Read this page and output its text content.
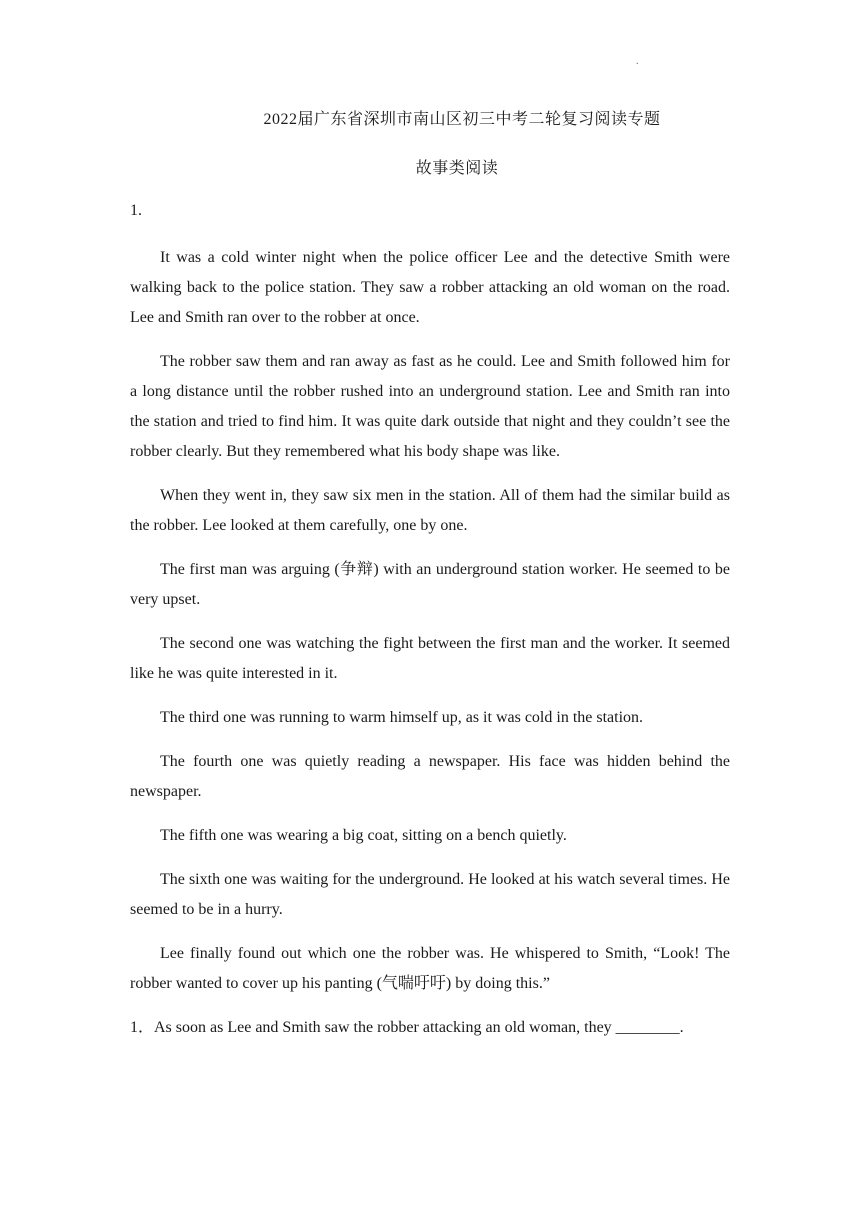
.
2022届广东省深圳市南山区初三中考二轮复习阅读专题
故事类阅读
1.

It was a cold winter night when the police officer Lee and the detective Smith were walking back to the police station. They saw a robber attacking an old woman on the road. Lee and Smith ran over to the robber at once.

The robber saw them and ran away as fast as he could. Lee and Smith followed him for a long distance until the robber rushed into an underground station. Lee and Smith ran into the station and tried to find him. It was quite dark outside that night and they couldn’t see the robber clearly. But they remembered what his body shape was like.

When they went in, they saw six men in the station. All of them had the similar build as the robber. Lee looked at them carefully, one by one.

The first man was arguing (争辩) with an underground station worker. He seemed to be very upset.

The second one was watching the fight between the first man and the worker. It seemed like he was quite interested in it.

The third one was running to warm himself up, as it was cold in the station.

The fourth one was quietly reading a newspaper. His face was hidden behind the newspaper.

The fifth one was wearing a big coat, sitting on a bench quietly.

The sixth one was waiting for the underground. He looked at his watch several times. He seemed to be in a hurry.

Lee finally found out which one the robber was. He whispered to Smith, “Look! The robber wanted to cover up his panting (气喘吁吁) by doing this.”

1．As soon as Lee and Smith saw the robber attacking an old woman, they ________.
